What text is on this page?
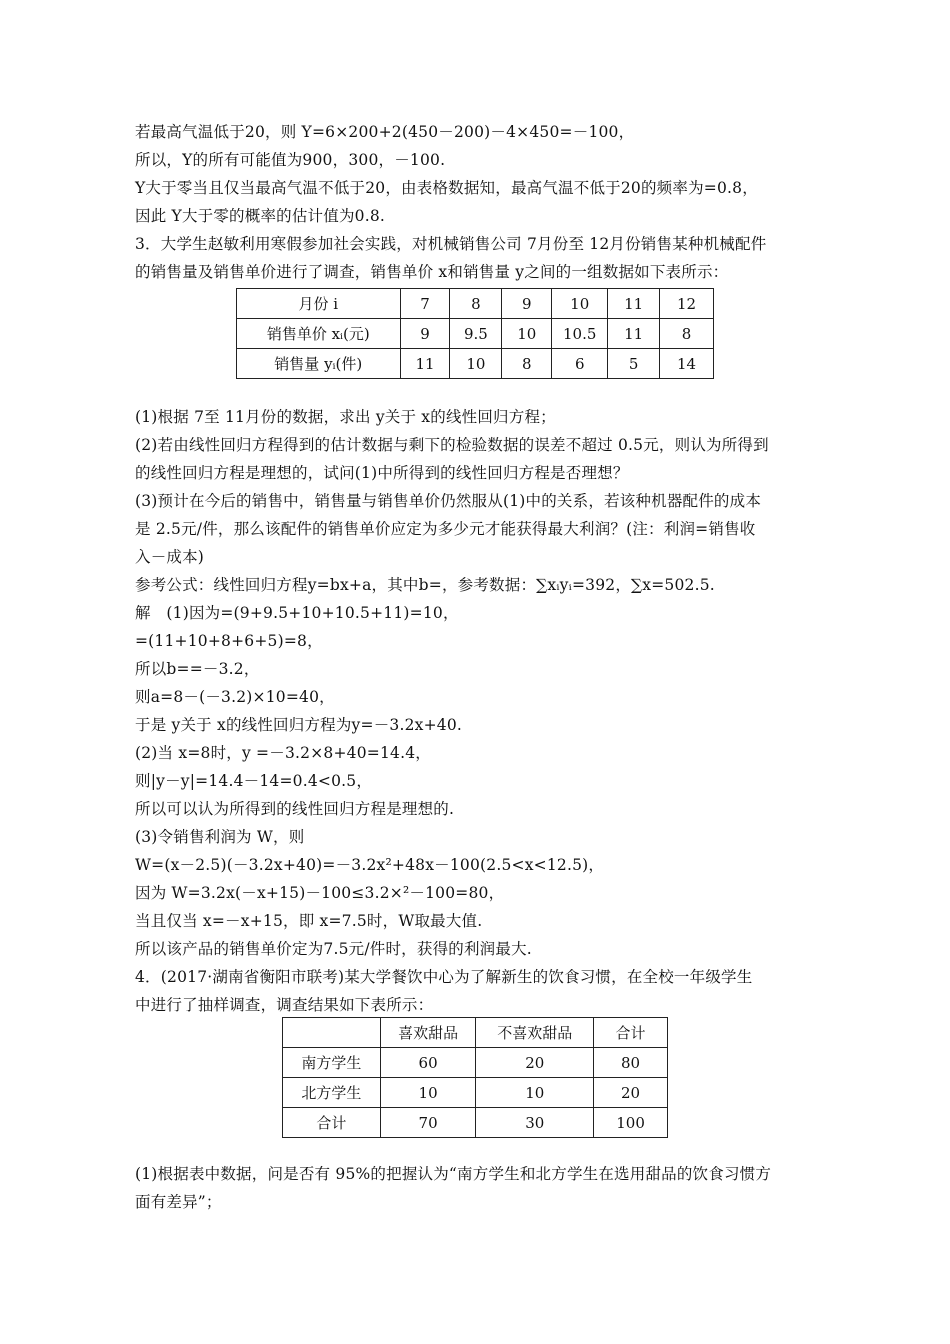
若最高气温低于20，则 Y=6×200+2(450－200)－4×450=－100，
所以，Y的所有可能值为900，300，－100.
Y大于零当且仅当最高气温不低于20，由表格数据知，最高气温不低于20的频率为=0.8，
因此 Y大于零的概率的估计值为0.8.
3．大学生赵敏利用寒假参加社会实践，对机械销售公司 7月份至 12月份销售某种机械配件
的销售量及销售单价进行了调查，销售单价 x和销售量 y之间的一组数据如下表所示：
月份 i	7	8	9	10	11	12
销售单价 xᵢ(元)	9	9.5	10	10.5	11	8
销售量 yᵢ(件)	11	10	8	6	5	14
(1)根据 7至 11月份的数据，求出 y关于 x的线性回归方程；
(2)若由线性回归方程得到的估计数据与剩下的检验数据的误差不超过 0.5元，则认为所得到
的线性回归方程是理想的，试问(1)中所得到的线性回归方程是否理想？
(3)预计在今后的销售中，销售量与销售单价仍然服从(1)中的关系，若该种机器配件的成本
是 2.5元/件，那么该配件的销售单价应定为多少元才能获得最大利润？(注：利润=销售收
入－成本)
参考公式：线性回归方程y=bx+a，其中b=，参考数据：∑xᵢyᵢ=392，∑x=502.5.
解　(1)因为=(9+9.5+10+10.5+11)=10，
=(11+10+8+6+5)=8，
所以b==－3.2，
则a=8－(－3.2)×10=40，
于是 y关于 x的线性回归方程为y=－3.2x+40.
(2)当 x=8时，y =－3.2×8+40=14.4，
则|y－y|=14.4－14=0.4<0.5，
所以可以认为所得到的线性回归方程是理想的.
(3)令销售利润为 W，则
W=(x－2.5)(－3.2x+40)=－3.2x²+48x－100(2.5<x<12.5)，
因为 W=3.2x(－x+15)－100≤3.2×²－100=80，
当且仅当 x=－x+15，即 x=7.5时，W取最大值.
所以该产品的销售单价定为7.5元/件时，获得的利润最大.
4．(2017·湖南省衡阳市联考)某大学餐饮中心为了解新生的饮食习惯，在全校一年级学生
中进行了抽样调查，调查结果如下表所示：
	喜欢甜品	不喜欢甜品	合计
南方学生	60	20	80
北方学生	10	10	20
合计	70	30	100
(1)根据表中数据，问是否有 95%的把握认为“南方学生和北方学生在选用甜品的饮食习惯方
面有差异”；
